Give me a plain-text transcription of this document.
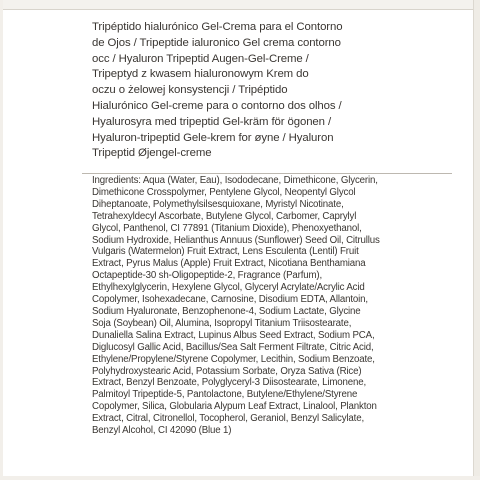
Tripéptido hialurónico Gel-Crema para el Contorno
de Ojos / Tripeptide ialuronico Gel crema contorno
occ / Hyaluron Tripeptid Augen-Gel-Creme /
Tripeptyd z kwasem hialuronowym Krem do
oczu o żelowej konsystencji / Tripéptido
Hialurónico Gel-creme para o contorno dos olhos /
Hyalurosyra med tripeptid Gel-kräm för ögonen /
Hyaluron-tripeptid Gele-krem for øyne / Hyaluron
Tripeptid Øjengel-creme
Ingredients: Aqua (Water, Eau), Isododecane, Dimethicone, Glycerin,
Dimethicone Crosspolymer, Pentylene Glycol, Neopentyl Glycol
Diheptanoate, Polymethylsilsesquioxane, Myristyl Nicotinate,
Tetrahexyldecyl Ascorbate, Butylene Glycol, Carbomer, Caprylyl
Glycol, Panthenol, CI 77891 (Titanium Dioxide), Phenoxyethanol,
Sodium Hydroxide, Helianthus Annuus (Sunflower) Seed Oil, Citrullus
Vulgaris (Watermelon) Fruit Extract, Lens Esculenta (Lentil) Fruit
Extract, Pyrus Malus (Apple) Fruit Extract, Nicotiana Benthamiana
Octapeptide-30 sh-Oligopeptide-2, Fragrance (Parfum),
Ethylhexylglycerin, Hexylene Glycol, Glyceryl Acrylate/Acrylic Acid
Copolymer, Isohexadecane, Carnosine, Disodium EDTA, Allantoin,
Sodium Hyaluronate, Benzophenone-4, Sodium Lactate, Glycine
Soja (Soybean) Oil, Alumina, Isopropyl Titanium Triisostearate,
Dunaliella Salina Extract, Lupinus Albus Seed Extract, Sodium PCA,
Diglucosyl Gallic Acid, Bacillus/Sea Salt Ferment Filtrate, Citric Acid,
Ethylene/Propylene/Styrene Copolymer, Lecithin, Sodium Benzoate,
Polyhydroxystearic Acid, Potassium Sorbate, Oryza Sativa (Rice)
Extract, Benzyl Benzoate, Polyglyceryl-3 Diisostearate, Limonene,
Palmitoyl Tripeptide-5, Pantolactone, Butylene/Ethylene/Styrene
Copolymer, Silica, Globularia Alypum Leaf Extract, Linalool, Plankton
Extract, Citral, Citronellol, Tocopherol, Geraniol, Benzyl Salicylate,
Benzyl Alcohol, CI 42090 (Blue 1)
